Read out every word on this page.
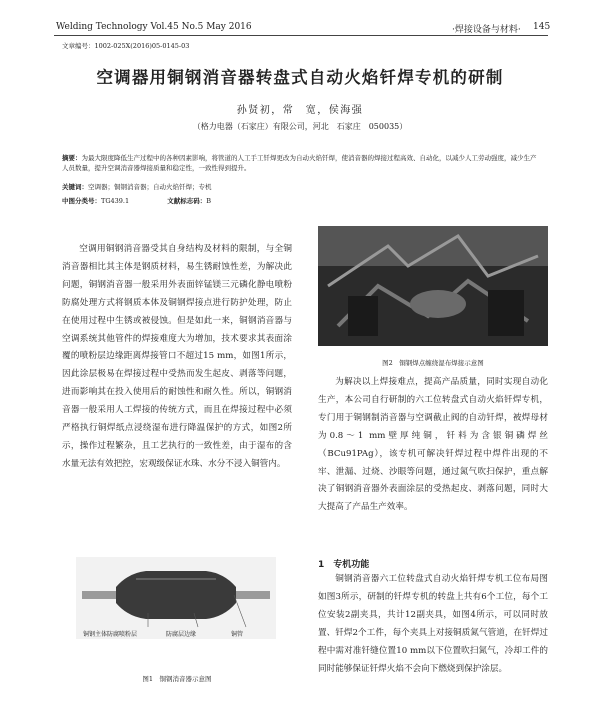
Welding Technology Vol.45 No.5 May 2016	·焊接设备与材料· 145
文章编号：1002-025X(2016)05-0145-03
空调器用铜钢消音器转盘式自动火焰钎焊专机的研制
孙贤初，常　宽，侯海强
（格力电器（石家庄）有限公司，河北　石家庄　050035）
摘要：为最大限度降低生产过程中的各种因素影响，将管道的人工手工钎焊更改为自动火焰钎焊，使消音器的焊接过程高效、自动化，以减少人工劳动强度，减少生产人员数量，提升空调消音器焊接质量和稳定性，一致性得到提升。
关键词：空调器；铜钢消音器；自动火焰钎焊；专机
中图分类号：TG439.1	文献标志码：B

空调用铜钢消音器受其自身结构及材料的限制，与全铜消音器相比其主体是钢质材料，易生锈耐蚀性差，为解决此问题，铜钢消音器一般采用外表面锌锰镁三元磷化静电喷粉防腐处理方式将钢质本体及铜钢焊接点进行防护处理，防止在使用过程中生锈或被侵蚀。但是如此一来，铜钢消音器与空调系统其他管件的焊接难度大为增加，技术要求其表面涂覆的喷粉层边缘距离焊接管口不超过15 mm，如图1所示，因此涂层极易在焊接过程中受热而发生起皮、剥落等问题，进而影响其在投入使用后的耐蚀性和耐久性。所以，铜钢消音器一般采用人工焊接的传统方式，而且在焊接过程中必须严格执行铜焊纸点浸绕湿布进行降温保护的方式，如图2所示，操作过程繁杂，且工艺执行的一致性差，由于湿布的含水量无法有效把控，宏观级保证水珠、水分不浸入铜管内。

铜钢主体防腐喷粉层	防腐层边缘	铜管
图1　铜钢消音器示意图
图2　铜钢焊点缠绕湿布焊接示意图

为解决以上焊接难点，提高产品质量，同时实现自动化生产，本公司自行研制的六工位转盘式自动火焰钎焊专机，专门用于铜钢制消音器与空调截止阀的自动钎焊，被焊母材为0.8～1 mm壁厚纯铜，钎料为含银铜磷焊丝（BCu91PAg），该专机可解决钎焊过程中焊件出现的不牢、泄漏、过烧、沙眼等问题，通过氮气吹扫保护，重点解决了铜钢消音器外表面涂层的受热起皮、剥落问题，同时大大提高了产品生产效率。

1　专机功能

铜钢消音器六工位转盘式自动火焰钎焊专机工位布局图如图3所示，研制的钎焊专机的转盘上共有6个工位，每个工位安装2副夹具，共计12副夹具，如图4所示，可以同时放置、钎焊2个工件，每个夹具上对接铜质氮气管道，在钎焊过程中需对准钎缝位置10 mm以下位置吹扫氮气，冷却工件的同时能够保证钎焊火焰不会向下燃烧到保护涂层。
